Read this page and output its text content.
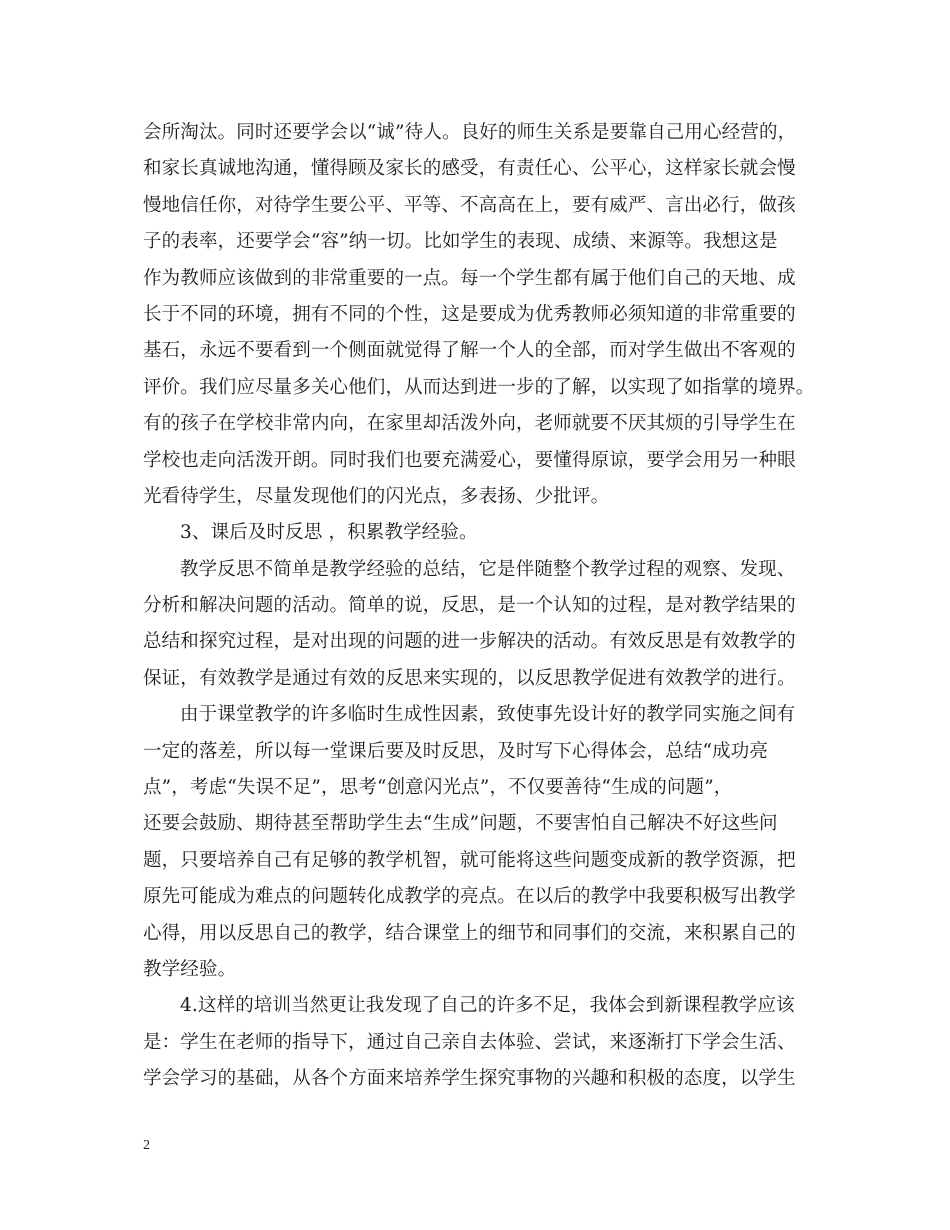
会所淘汰。同时还要学会以“诚”待人。良好的师生关系是要靠自己用心经营的，
和家长真诚地沟通，懂得顾及家长的感受，有责任心、公平心，这样家长就会慢
慢地信任你，对待学生要公平、平等、不高高在上，要有威严、言出必行，做孩
子的表率，还要学会“容”纳一切。比如学生的表现、成绩、来源等。我想这是
作为教师应该做到的非常重要的一点。每一个学生都有属于他们自己的天地、成
长于不同的环境，拥有不同的个性，这是要成为优秀教师必须知道的非常重要的
基石，永远不要看到一个侧面就觉得了解一个人的全部，而对学生做出不客观的
评价。我们应尽量多关心他们，从而达到进一步的了解，以实现了如指掌的境界。
有的孩子在学校非常内向，在家里却活泼外向，老师就要不厌其烦的引导学生在
学校也走向活泼开朗。同时我们也要充满爱心，要懂得原谅，要学会用另一种眼
光看待学生，尽量发现他们的闪光点，多表扬、少批评。
3、课后及时反思 ，积累教学经验。
教学反思不简单是教学经验的总结，它是伴随整个教学过程的观察、发现、
分析和解决问题的活动。简单的说，反思，是一个认知的过程，是对教学结果的
总结和探究过程，是对出现的问题的进一步解决的活动。有效反思是有效教学的
保证，有效教学是通过有效的反思来实现的，以反思教学促进有效教学的进行。
由于课堂教学的许多临时生成性因素，致使事先设计好的教学同实施之间有
一定的落差，所以每一堂课后要及时反思，及时写下心得体会，总结“成功亮
点”，考虑“失误不足”，思考“创意闪光点”，不仅要善待“生成的问题”，
还要会鼓励、期待甚至帮助学生去“生成”问题，不要害怕自己解决不好这些问
题，只要培养自己有足够的教学机智，就可能将这些问题变成新的教学资源，把
原先可能成为难点的问题转化成教学的亮点。在以后的教学中我要积极写出教学
心得，用以反思自己的教学，结合课堂上的细节和同事们的交流，来积累自己的
教学经验。
4.这样的培训当然更让我发现了自己的许多不足，我体会到新课程教学应该
是：学生在老师的指导下，通过自己亲自去体验、尝试，来逐渐打下学会生活、
学会学习的基础，从各个方面来培养学生探究事物的兴趣和积极的态度，以学生
2
